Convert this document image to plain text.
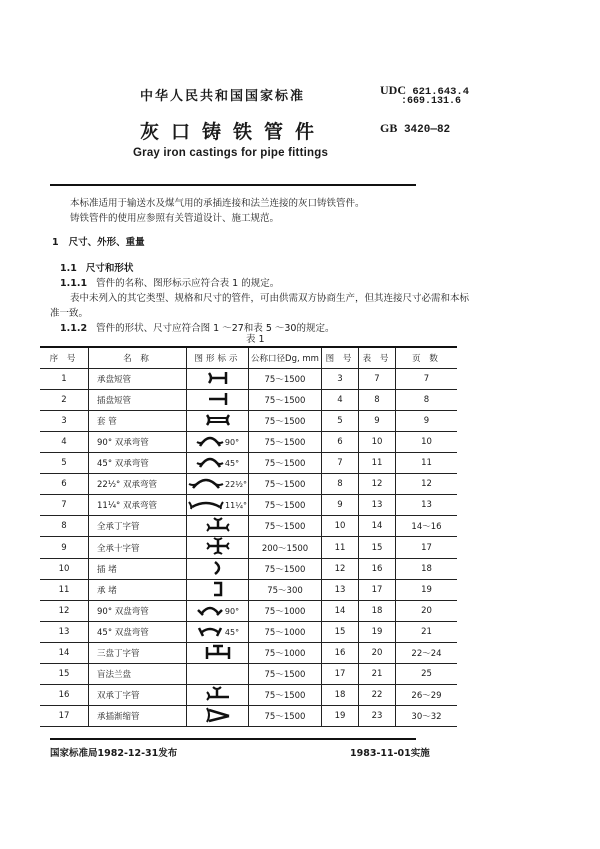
中华人民共和国国家标准
灰口铸铁管件
Gray iron castings for pipe fittings
UDC 621.643.4
:669.131.6
GB 3420—82
本标准适用于输送水及煤气用的承插连接和法兰连接的灰口铸铁管件。
铸铁管件的使用应参照有关管道设计、施工规范。
1 尺寸、外形、重量
1.1 尺寸和形状
1.1.1 管件的名称、图形标示应符合表 1 的规定。
表中未列入的其它类型、规格和尺寸的管件，可由供需双方协商生产，但其连接尺寸必需和本标
准一致。
1.1.2 管件的形状、尺寸应符合图 1 ～27和表 5 ～30的规定。
表 1
序 号	名 称	图形标示	公称口径Dg, mm	图 号	表 号	页 数
1	承盘短管		75～1500	3	7	7
2	插盘短管		75～1500	4	8	8
3	套 管		75～1500	5	9	9
4	90° 双承弯管	90°	75～1500	6	10	10
5	45° 双承弯管	45°	75～1500	7	11	11
6	22½° 双承弯管	22½°	75～1500	8	12	12
7	11¼° 双承弯管	11¼°	75～1500	9	13	13
8	全承丁字管		75～1500	10	14	14～16
9	全承十字管		200～1500	11	15	17
10	插 堵		75～1500	12	16	18
11	承 堵		75～300	13	17	19
12	90° 双盘弯管	90°	75～1000	14	18	20
13	45° 双盘弯管	45°	75～1000	15	19	21
14	三盘丁字管		75～1000	16	20	22～24
15	盲法兰盘		75～1500	17	21	25
16	双承丁字管		75～1500	18	22	26～29
17	承插渐缩管		75～1500	19	23	30～32
国家标准局1982-12-31发布	1983-11-01实施
